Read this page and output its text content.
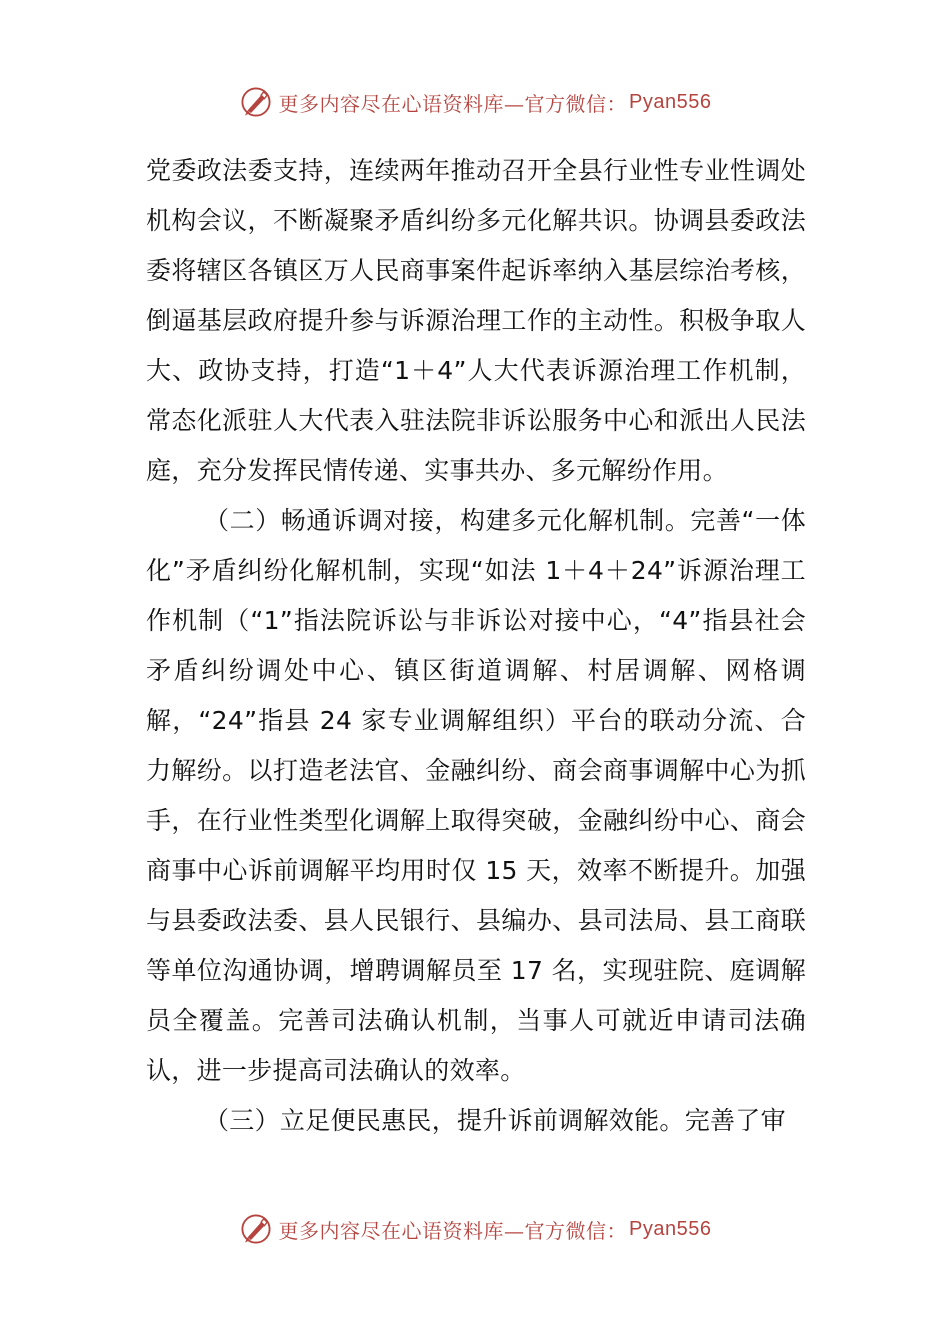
更多内容尽在心语资料库—官方微信： Pyan556

党委政法委支持，连续两年推动召开全县行业性专业性调处机构会议，不断凝聚矛盾纠纷多元化解共识。协调县委政法委将辖区各镇区万人民商事案件起诉率纳入基层综治考核，倒逼基层政府提升参与诉源治理工作的主动性。积极争取人大、政协支持，打造“1＋4”人大代表诉源治理工作机制，常态化派驻人大代表入驻法院非诉讼服务中心和派出人民法庭，充分发挥民情传递、实事共办、多元解纷作用。

（二）畅通诉调对接，构建多元化解机制。完善“一体化”矛盾纠纷化解机制，实现“如法 1＋4＋24”诉源治理工作机制（“1”指法院诉讼与非诉讼对接中心，“4”指县社会矛盾纠纷调处中心、镇区街道调解、村居调解、网格调解，“24”指县 24 家专业调解组织）平台的联动分流、合力解纷。以打造老法官、金融纠纷、商会商事调解中心为抓手，在行业性类型化调解上取得突破，金融纠纷中心、商会商事中心诉前调解平均用时仅 15 天，效率不断提升。加强与县委政法委、县人民银行、县编办、县司法局、县工商联等单位沟通协调，增聘调解员至 17 名，实现驻院、庭调解员全覆盖。完善司法确认机制，当事人可就近申请司法确认，进一步提高司法确认的效率。

（三）立足便民惠民，提升诉前调解效能。完善了审

更多内容尽在心语资料库—官方微信： Pyan556
